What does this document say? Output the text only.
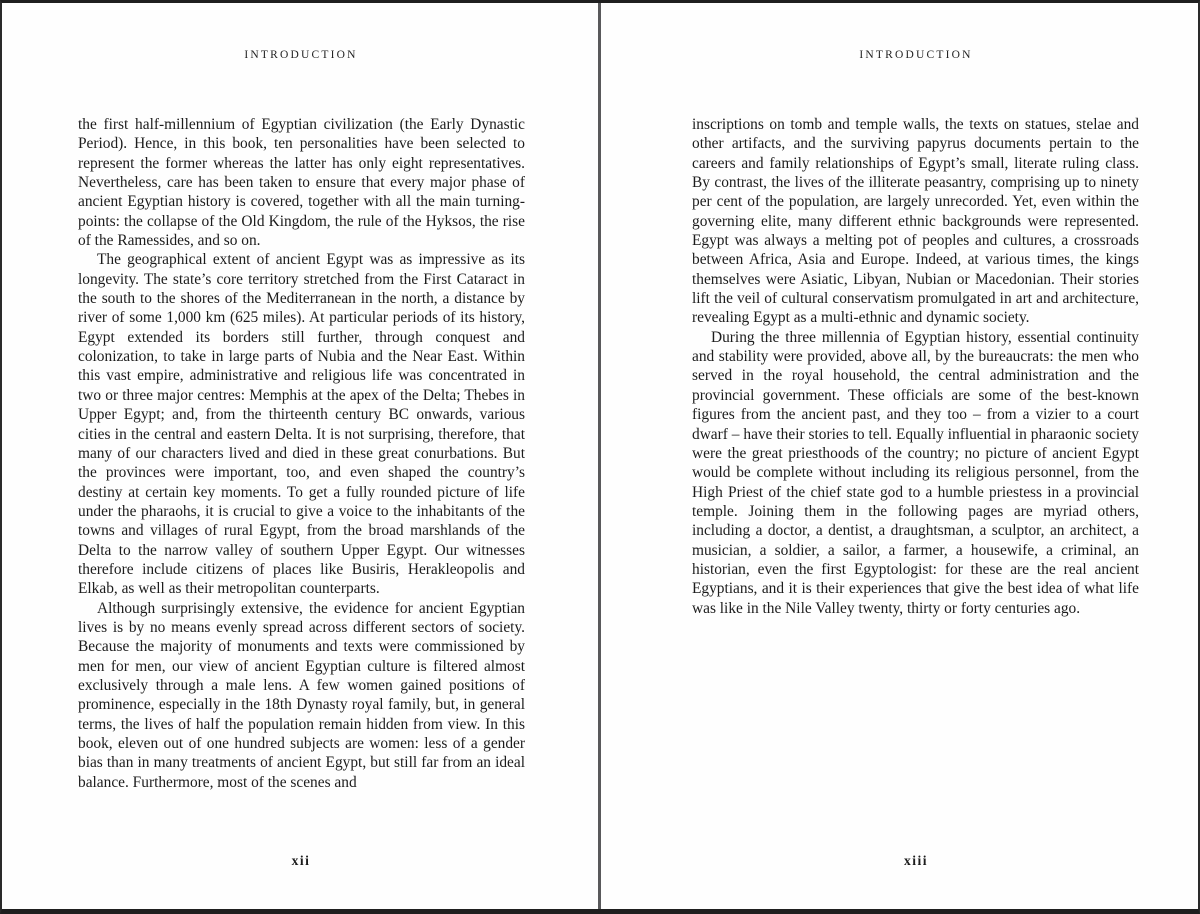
INTRODUCTION

the first half-millennium of Egyptian civilization (the Early Dynastic Period). Hence, in this book, ten personalities have been selected to represent the former whereas the latter has only eight representatives. Nevertheless, care has been taken to ensure that every major phase of ancient Egyptian history is covered, together with all the main turning-points: the collapse of the Old Kingdom, the rule of the Hyksos, the rise of the Ramessides, and so on.

The geographical extent of ancient Egypt was as impressive as its longevity. The state’s core territory stretched from the First Cataract in the south to the shores of the Mediterranean in the north, a distance by river of some 1,000 km (625 miles). At particular periods of its history, Egypt extended its borders still further, through conquest and colonization, to take in large parts of Nubia and the Near East. Within this vast empire, administrative and religious life was concentrated in two or three major centres: Memphis at the apex of the Delta; Thebes in Upper Egypt; and, from the thirteenth century BC onwards, various cities in the central and eastern Delta. It is not surprising, therefore, that many of our characters lived and died in these great conurbations. But the provinces were important, too, and even shaped the country’s destiny at certain key moments. To get a fully rounded picture of life under the pharaohs, it is crucial to give a voice to the inhabitants of the towns and villages of rural Egypt, from the broad marshlands of the Delta to the narrow valley of southern Upper Egypt. Our witnesses therefore include citizens of places like Busiris, Herakleopolis and Elkab, as well as their metropolitan counterparts.

Although surprisingly extensive, the evidence for ancient Egyptian lives is by no means evenly spread across different sectors of society. Because the majority of monuments and texts were commissioned by men for men, our view of ancient Egyptian culture is filtered almost exclusively through a male lens. A few women gained positions of prominence, especially in the 18th Dynasty royal family, but, in general terms, the lives of half the population remain hidden from view. In this book, eleven out of one hundred subjects are women: less of a gender bias than in many treatments of ancient Egypt, but still far from an ideal balance. Furthermore, most of the scenes and

xii
INTRODUCTION

inscriptions on tomb and temple walls, the texts on statues, stelae and other artifacts, and the surviving papyrus documents pertain to the careers and family relationships of Egypt’s small, literate ruling class. By contrast, the lives of the illiterate peasantry, comprising up to ninety per cent of the population, are largely unrecorded. Yet, even within the governing elite, many different ethnic backgrounds were represented. Egypt was always a melting pot of peoples and cultures, a crossroads between Africa, Asia and Europe. Indeed, at various times, the kings themselves were Asiatic, Libyan, Nubian or Macedonian. Their stories lift the veil of cultural conservatism promulgated in art and architecture, revealing Egypt as a multi-ethnic and dynamic society.

During the three millennia of Egyptian history, essential continuity and stability were provided, above all, by the bureaucrats: the men who served in the royal household, the central administration and the provincial government. These officials are some of the best-known figures from the ancient past, and they too – from a vizier to a court dwarf – have their stories to tell. Equally influential in pharaonic society were the great priesthoods of the country; no picture of ancient Egypt would be complete without including its religious personnel, from the High Priest of the chief state god to a humble priestess in a provincial temple. Joining them in the following pages are myriad others, including a doctor, a dentist, a draughtsman, a sculptor, an architect, a musician, a soldier, a sailor, a farmer, a housewife, a criminal, an historian, even the first Egyptologist: for these are the real ancient Egyptians, and it is their experiences that give the best idea of what life was like in the Nile Valley twenty, thirty or forty centuries ago.

xiii
